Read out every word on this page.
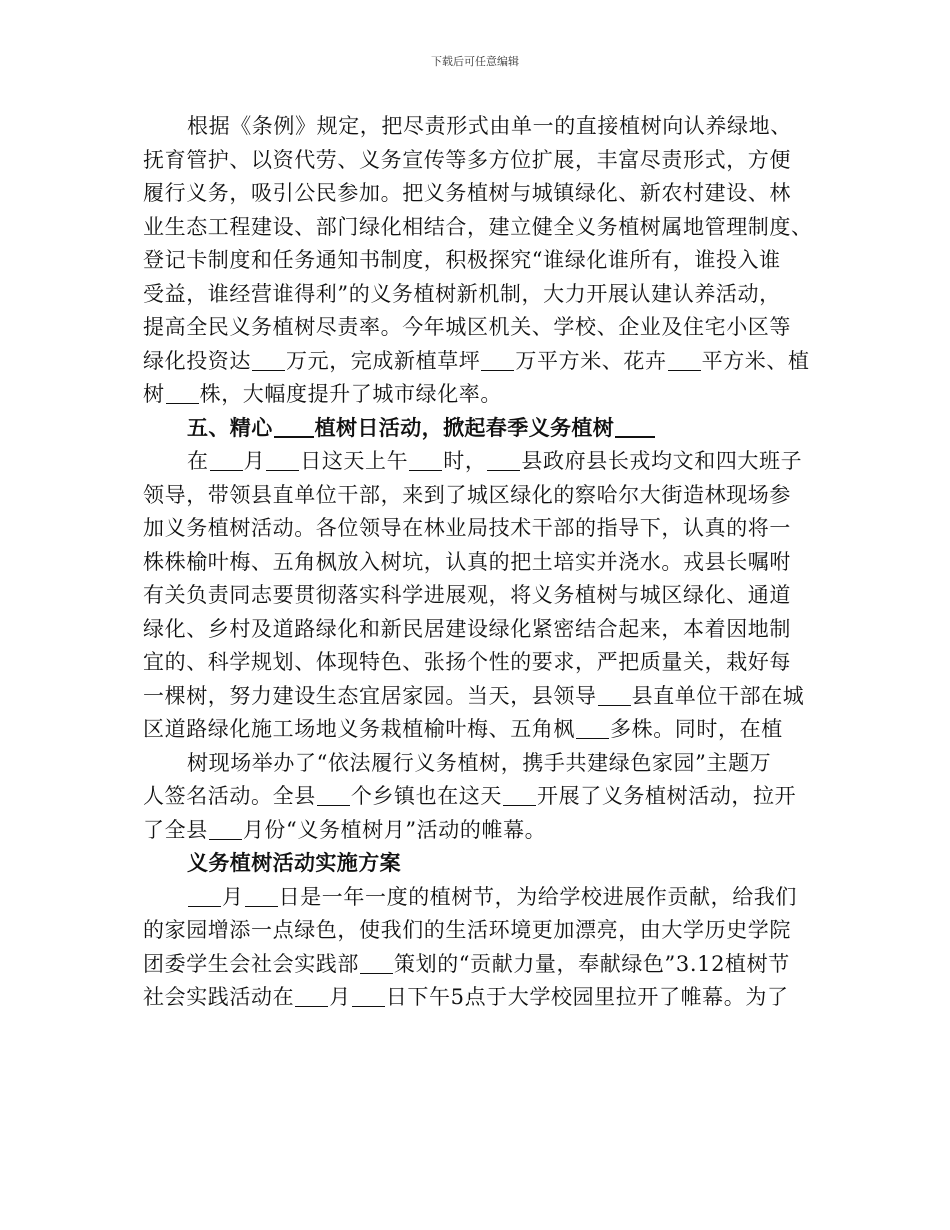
下载后可任意编辑
根据《条例》规定，把尽责形式由单一的直接植树向认养绿地、
抚育管护、以资代劳、义务宣传等多方位扩展，丰富尽责形式，方便
履行义务，吸引公民参加。把义务植树与城镇绿化、新农村建设、林
业生态工程建设、部门绿化相结合，建立健全义务植树属地管理制度、
登记卡制度和任务通知书制度，积极探究“谁绿化谁所有，谁投入谁
受益，谁经营谁得利”的义务植树新机制，大力开展认建认养活动，
提高全民义务植树尽责率。今年城区机关、学校、企业及住宅小区等
绿化投资达 万元，完成新植草坪 万平方米、花卉 平方米、植
树 株，大幅度提升了城市绿化率。
五、精心 植树日活动，掀起春季义务植树
在 月 日这天上午 时， 县政府县长戎均文和四大班子
领导，带领县直单位干部，来到了城区绿化的察哈尔大街造林现场参
加义务植树活动。各位领导在林业局技术干部的指导下，认真的将一
株株榆叶梅、五角枫放入树坑，认真的把土培实并浇水。戎县长嘱咐
有关负责同志要贯彻落实科学进展观，将义务植树与城区绿化、通道
绿化、乡村及道路绿化和新民居建设绿化紧密结合起来，本着因地制
宜的、科学规划、体现特色、张扬个性的要求，严把质量关，栽好每
一棵树，努力建设生态宜居家园。当天，县领导 县直单位干部在城
区道路绿化施工场地义务栽植榆叶梅、五角枫 多株。同时，在植
树现场举办了“依法履行义务植树，携手共建绿色家园”主题万
人签名活动。全县 个乡镇也在这天 开展了义务植树活动，拉开
了全县 月份“义务植树月”活动的帷幕。
义务植树活动实施方案
月 日是一年一度的植树节，为给学校进展作贡献，给我们
的家园增添一点绿色，使我们的生活环境更加漂亮，由大学历史学院
团委学生会社会实践部 策划的“贡献力量，奉献绿色”3.12植树节
社会实践活动在 月 日下午5点于大学校园里拉开了帷幕。为了
